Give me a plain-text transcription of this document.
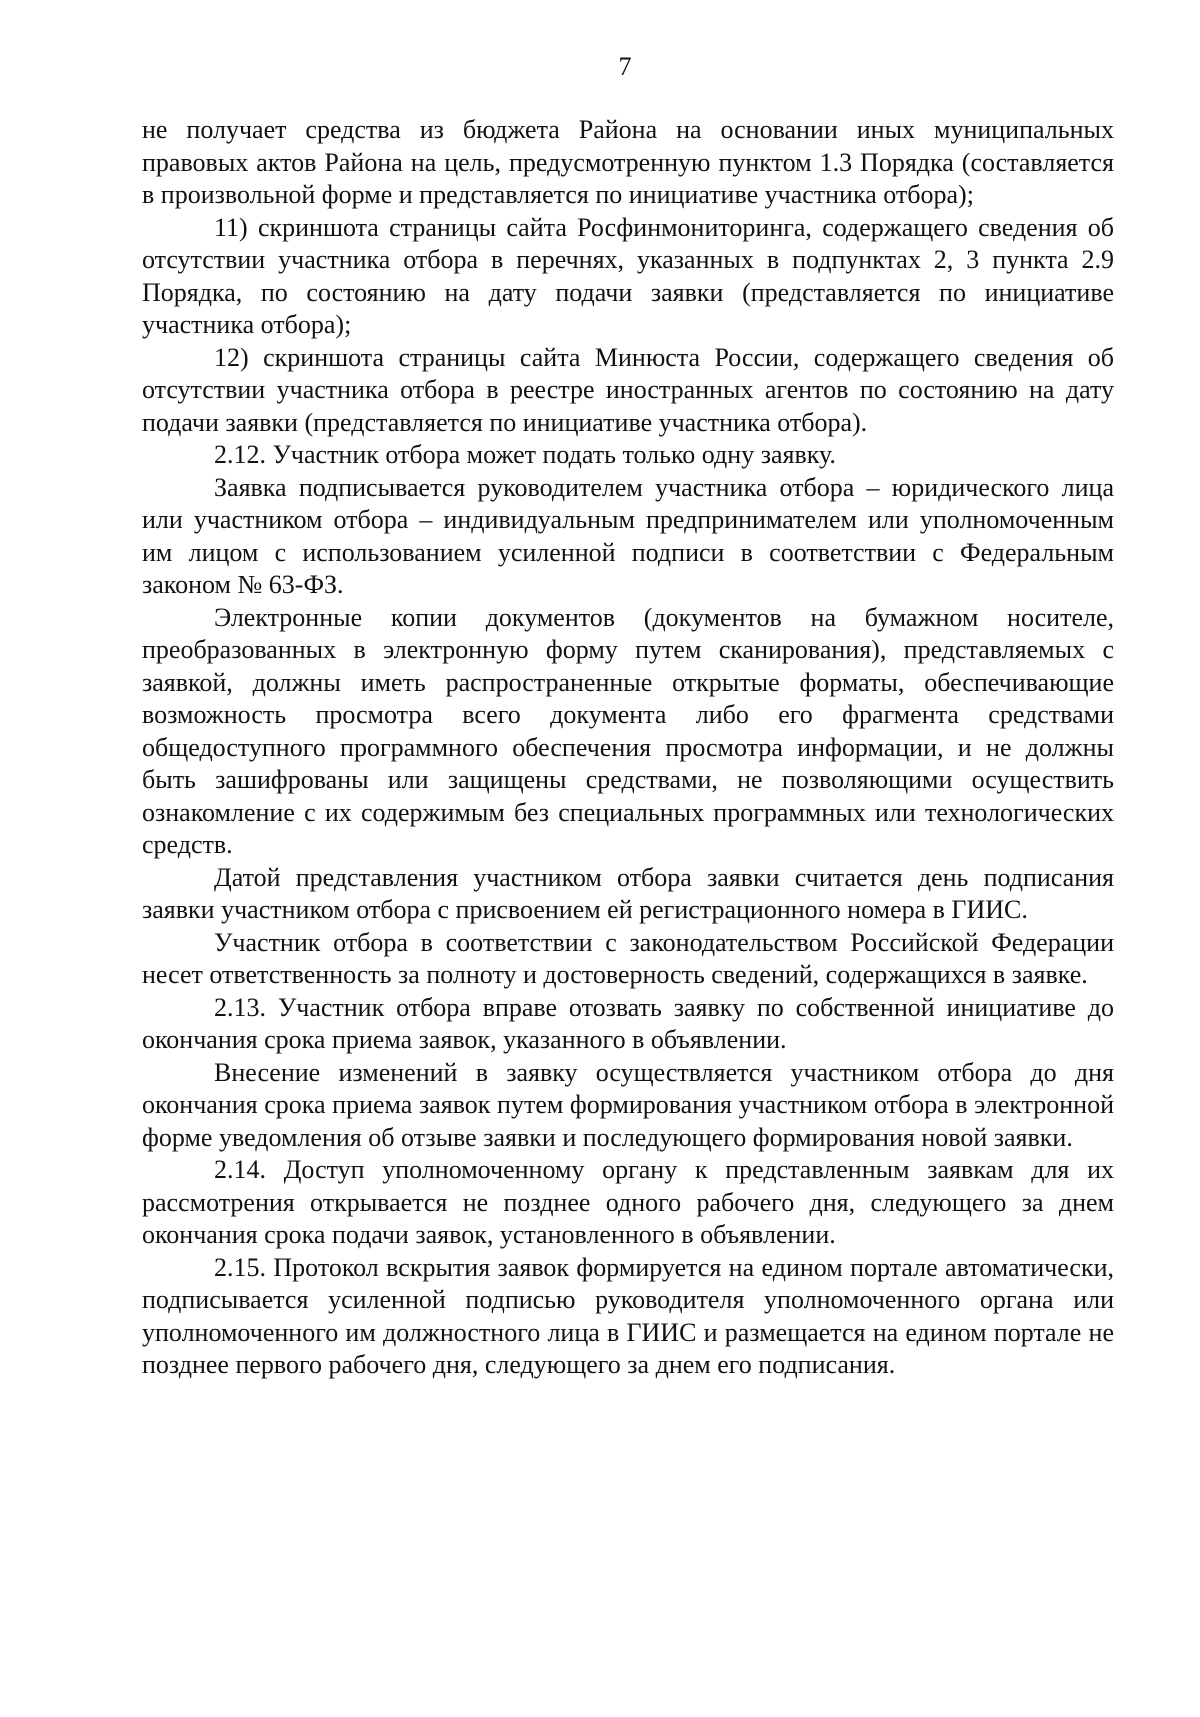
7

не получает средства из бюджета Района на основании иных муниципальных правовых актов Района на цель, предусмотренную пунктом 1.3 Порядка (составляется в произвольной форме и представляется по инициативе участника отбора);

11) скриншота страницы сайта Росфинмониторинга, содержащего сведения об отсутствии участника отбора в перечнях, указанных в подпунктах 2, 3 пункта 2.9 Порядка, по состоянию на дату подачи заявки (представляется по инициативе участника отбора);

12) скриншота страницы сайта Минюста России, содержащего сведения об отсутствии участника отбора в реестре иностранных агентов по состоянию на дату подачи заявки (представляется по инициативе участника отбора).

2.12. Участник отбора может подать только одну заявку.

Заявка подписывается руководителем участника отбора – юридического лица или участником отбора – индивидуальным предпринимателем или уполномоченным им лицом с использованием усиленной подписи в соответствии с Федеральным законом № 63-ФЗ.

Электронные копии документов (документов на бумажном носителе, преобразованных в электронную форму путем сканирования), представляемых с заявкой, должны иметь распространенные открытые форматы, обеспечивающие возможность просмотра всего документа либо его фрагмента средствами общедоступного программного обеспечения просмотра информации, и не должны быть зашифрованы или защищены средствами, не позволяющими осуществить ознакомление с их содержимым без специальных программных или технологических средств.

Датой представления участником отбора заявки считается день подписания заявки участником отбора с присвоением ей регистрационного номера в ГИИС.

Участник отбора в соответствии с законодательством Российской Федерации несет ответственность за полноту и достоверность сведений, содержащихся в заявке.

2.13. Участник отбора вправе отозвать заявку по собственной инициативе до окончания срока приема заявок, указанного в объявлении.

Внесение изменений в заявку осуществляется участником отбора до дня окончания срока приема заявок путем формирования участником отбора в электронной форме уведомления об отзыве заявки и последующего формирования новой заявки.

2.14. Доступ уполномоченному органу к представленным заявкам для их рассмотрения открывается не позднее одного рабочего дня, следующего за днем окончания срока подачи заявок, установленного в объявлении.

2.15. Протокол вскрытия заявок формируется на едином портале автоматически, подписывается усиленной подписью руководителя уполномоченного органа или уполномоченного им должностного лица в ГИИС и размещается на едином портале не позднее первого рабочего дня, следующего за днем его подписания.
